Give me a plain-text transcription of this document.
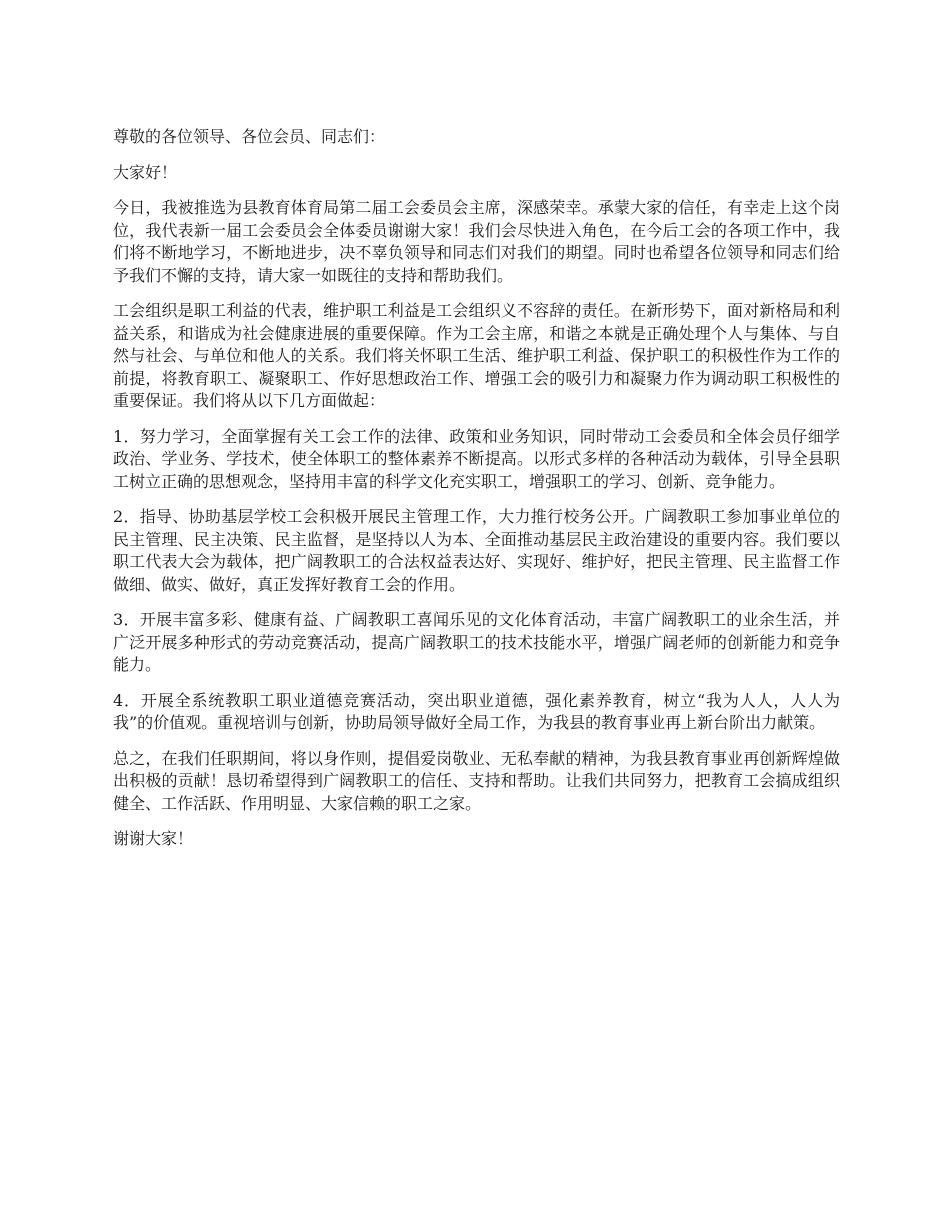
尊敬的各位领导、各位会员、同志们：

大家好！

今日，我被推选为县教育体育局第二届工会委员会主席，深感荣幸。承蒙大家的信任，有幸走上这个岗位，我代表新一届工会委员会全体委员谢谢大家！我们会尽快进入角色，在今后工会的各项工作中，我们将不断地学习，不断地进步，决不辜负领导和同志们对我们的期望。同时也希望各位领导和同志们给予我们不懈的支持，请大家一如既往的支持和帮助我们。

工会组织是职工利益的代表，维护职工利益是工会组织义不容辞的责任。在新形势下，面对新格局和利益关系，和谐成为社会健康进展的重要保障。作为工会主席，和谐之本就是正确处理个人与集体、与自然与社会、与单位和他人的关系。我们将关怀职工生活、维护职工利益、保护职工的积极性作为工作的前提，将教育职工、凝聚职工、作好思想政治工作、增强工会的吸引力和凝聚力作为调动职工积极性的重要保证。我们将从以下几方面做起：

1．努力学习，全面掌握有关工会工作的法律、政策和业务知识，同时带动工会委员和全体会员仔细学政治、学业务、学技术，使全体职工的整体素养不断提高。以形式多样的各种活动为载体，引导全县职工树立正确的思想观念，坚持用丰富的科学文化充实职工，增强职工的学习、创新、竞争能力。

2．指导、协助基层学校工会积极开展民主管理工作，大力推行校务公开。广阔教职工参加事业单位的民主管理、民主决策、民主监督，是坚持以人为本、全面推动基层民主政治建设的重要内容。我们要以职工代表大会为载体，把广阔教职工的合法权益表达好、实现好、维护好，把民主管理、民主监督工作做细、做实、做好，真正发挥好教育工会的作用。

3．开展丰富多彩、健康有益、广阔教职工喜闻乐见的文化体育活动，丰富广阔教职工的业余生活，并广泛开展多种形式的劳动竞赛活动，提高广阔教职工的技术技能水平，增强广阔老师的创新能力和竞争能力。

4．开展全系统教职工职业道德竞赛活动，突出职业道德，强化素养教育，树立“我为人人，人人为我”的价值观。重视培训与创新，协助局领导做好全局工作，为我县的教育事业再上新台阶出力献策。

总之，在我们任职期间，将以身作则，提倡爱岗敬业、无私奉献的精神，为我县教育事业再创新辉煌做出积极的贡献！恳切希望得到广阔教职工的信任、支持和帮助。让我们共同努力，把教育工会搞成组织健全、工作活跃、作用明显、大家信赖的职工之家。

谢谢大家！
